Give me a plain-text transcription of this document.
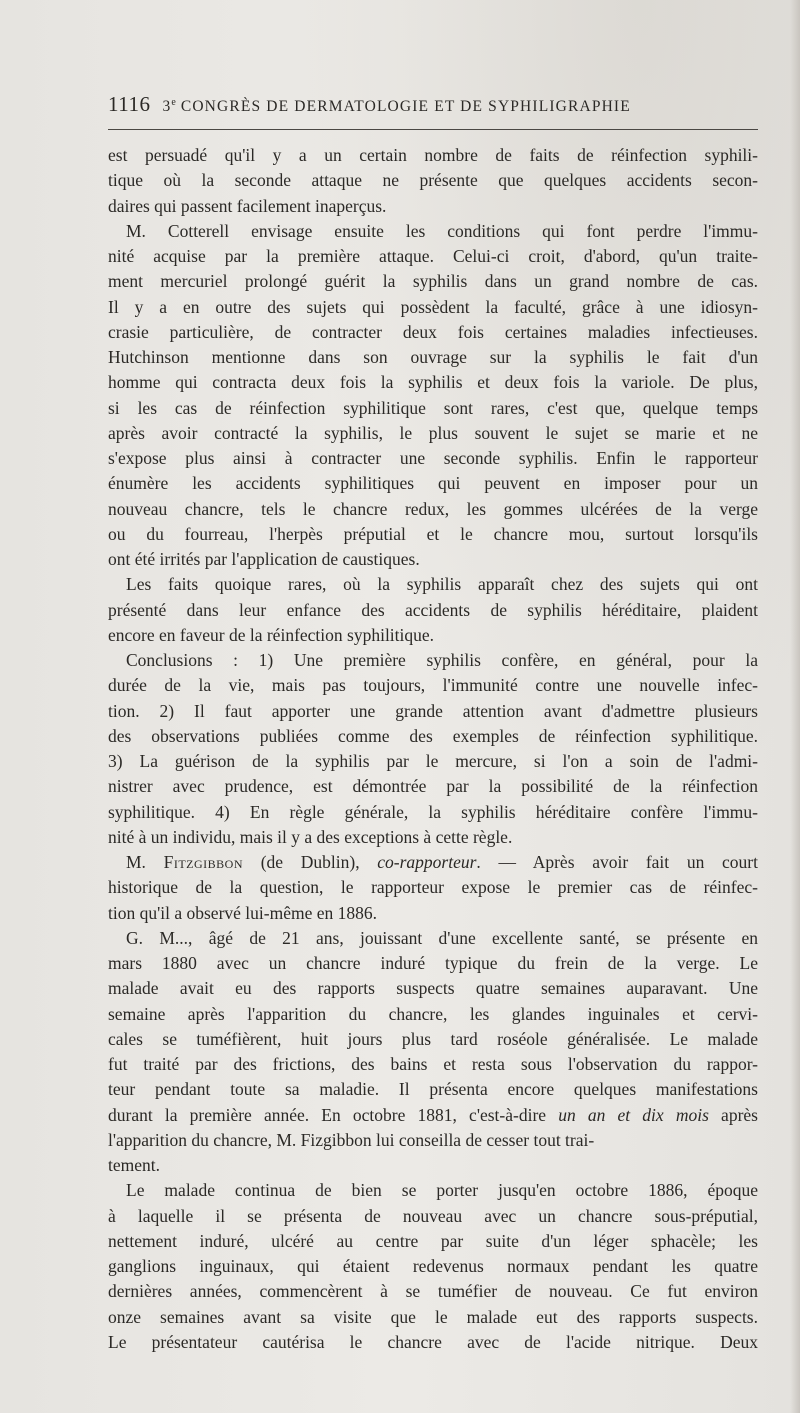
1116 3e CONGRÈS DE DERMATOLOGIE ET DE SYPHILIGRAPHIE
est persuadé qu'il y a un certain nombre de faits de réinfection syphili-
tique où la seconde attaque ne présente que quelques accidents secon-
daires qui passent facilement inaperçus.
M. Cotterell envisage ensuite les conditions qui font perdre l'immu-
nité acquise par la première attaque. Celui-ci croit, d'abord, qu'un traite-
ment mercuriel prolongé guérit la syphilis dans un grand nombre de cas.
Il y a en outre des sujets qui possèdent la faculté, grâce à une idiosyn-
crasie particulière, de contracter deux fois certaines maladies infectieuses.
Hutchinson mentionne dans son ouvrage sur la syphilis le fait d'un
homme qui contracta deux fois la syphilis et deux fois la variole. De plus,
si les cas de réinfection syphilitique sont rares, c'est que, quelque temps
après avoir contracté la syphilis, le plus souvent le sujet se marie et ne
s'expose plus ainsi à contracter une seconde syphilis. Enfin le rapporteur
énumère les accidents syphilitiques qui peuvent en imposer pour un
nouveau chancre, tels le chancre redux, les gommes ulcérées de la verge
ou du fourreau, l'herpès préputial et le chancre mou, surtout lorsqu'ils
ont été irrités par l'application de caustiques.
Les faits quoique rares, où la syphilis apparaît chez des sujets qui ont
présenté dans leur enfance des accidents de syphilis héréditaire, plaident
encore en faveur de la réinfection syphilitique.
Conclusions : 1) Une première syphilis confère, en général, pour la
durée de la vie, mais pas toujours, l'immunité contre une nouvelle infec-
tion. 2) Il faut apporter une grande attention avant d'admettre plusieurs
des observations publiées comme des exemples de réinfection syphilitique.
3) La guérison de la syphilis par le mercure, si l'on a soin de l'admi-
nistrer avec prudence, est démontrée par la possibilité de la réinfection
syphilitique. 4) En règle générale, la syphilis héréditaire confère l'immu-
nité à un individu, mais il y a des exceptions à cette règle.
M. Fitzgibbon (de Dublin), co-rapporteur. — Après avoir fait un court
historique de la question, le rapporteur expose le premier cas de réinfec-
tion qu'il a observé lui-même en 1886.
G. M..., âgé de 21 ans, jouissant d'une excellente santé, se présente en
mars 1880 avec un chancre induré typique du frein de la verge. Le
malade avait eu des rapports suspects quatre semaines auparavant. Une
semaine après l'apparition du chancre, les glandes inguinales et cervi-
cales se tuméfièrent, huit jours plus tard roséole généralisée. Le malade
fut traité par des frictions, des bains et resta sous l'observation du rappor-
teur pendant toute sa maladie. Il présenta encore quelques manifestations
durant la première année. En octobre 1881, c'est-à-dire un an et dix mois après
l'apparition du chancre, M. Fizgibbon lui conseilla de cesser tout trai-
tement.
Le malade continua de bien se porter jusqu'en octobre 1886, époque
à laquelle il se présenta de nouveau avec un chancre sous-préputial,
nettement induré, ulcéré au centre par suite d'un léger sphacèle; les
ganglions inguinaux, qui étaient redevenus normaux pendant les quatre
dernières années, commencèrent à se tuméfier de nouveau. Ce fut environ
onze semaines avant sa visite que le malade eut des rapports suspects.
Le présentateur cautérisa le chancre avec de l'acide nitrique. Deux
